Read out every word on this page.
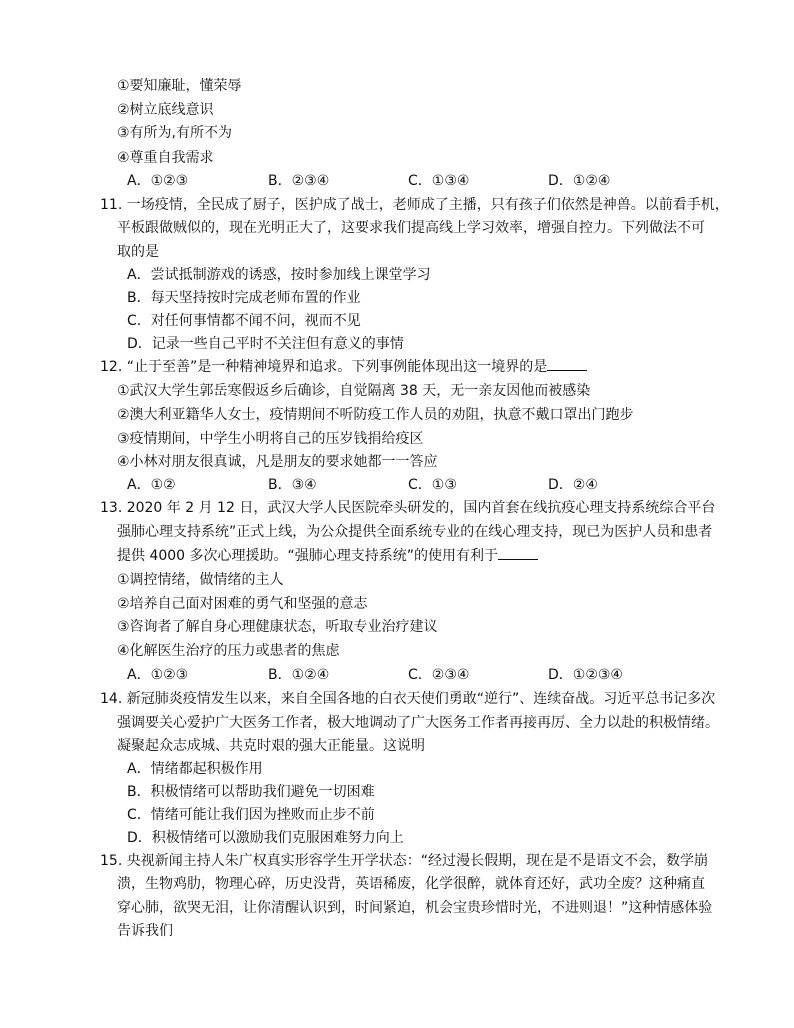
①要知廉耻，懂荣辱
②树立底线意识
③有所为,有所不为
④尊重自我需求
A．①②③	B．②③④	C．①③④	D．①②④
11. 一场疫情，全民成了厨子，医护成了战士，老师成了主播，只有孩子们依然是神兽。以前看手机，
平板跟做贼似的，现在光明正大了，这要求我们提高线上学习效率，增强自控力。下列做法不可
取的是
A．尝试抵制游戏的诱惑，按时参加线上课堂学习
B．每天坚持按时完成老师布置的作业
C．对任何事情都不闻不问，视而不见
D．记录一些自己平时不关注但有意义的事情
12. “止于至善”是一种精神境界和追求。下列事例能体现出这一境界的是
①武汉大学生郭岳寒假返乡后确诊，自觉隔离 38 天，无一亲友因他而被感染
②澳大利亚籍华人女士，疫情期间不听防疫工作人员的劝阻，执意不戴口罩出门跑步
③疫情期间，中学生小明将自己的压岁钱捐给疫区
④小林对朋友很真诚，凡是朋友的要求她都一一答应
A．①②	B．③④	C．①③	D．②④
13. 2020 年 2 月 12 日，武汉大学人民医院牵头研发的，国内首套在线抗疫心理支持系统综合平台
强肺心理支持系统”正式上线，为公众提供全面系统专业的在线心理支持，现已为医护人员和患者
提供 4000 多次心理援助。“强肺心理支持系统”的使用有利于
①调控情绪，做情绪的主人
②培养自己面对困难的勇气和坚强的意志
③咨询者了解自身心理健康状态，听取专业治疗建议
④化解医生治疗的压力或患者的焦虑
A．①②③	B．①②④	C．②③④	D．①②③④
14. 新冠肺炎疫情发生以来，来自全国各地的白衣天使们勇敢“逆行”、连续奋战。习近平总书记多次
强调要关心爱护广大医务工作者，极大地调动了广大医务工作者再接再厉、全力以赴的积极情绪。
凝聚起众志成城、共克时艰的强大正能量。这说明
A．情绪都起积极作用
B．积极情绪可以帮助我们避免一切困难
C．情绪可能让我们因为挫败而止步不前
D．积极情绪可以激励我们克服困难努力向上
15. 央视新闻主持人朱广权真实形容学生开学状态：“经过漫长假期，现在是不是语文不会，数学崩
溃，生物鸡肋，物理心碎，历史没背，英语稀废，化学很醉，就体育还好，武功全废？这种痛直
穿心肺，欲哭无泪，让你清醒认识到，时间紧迫，机会宝贵珍惜时光，不进则退！”这种情感体验
告诉我们
